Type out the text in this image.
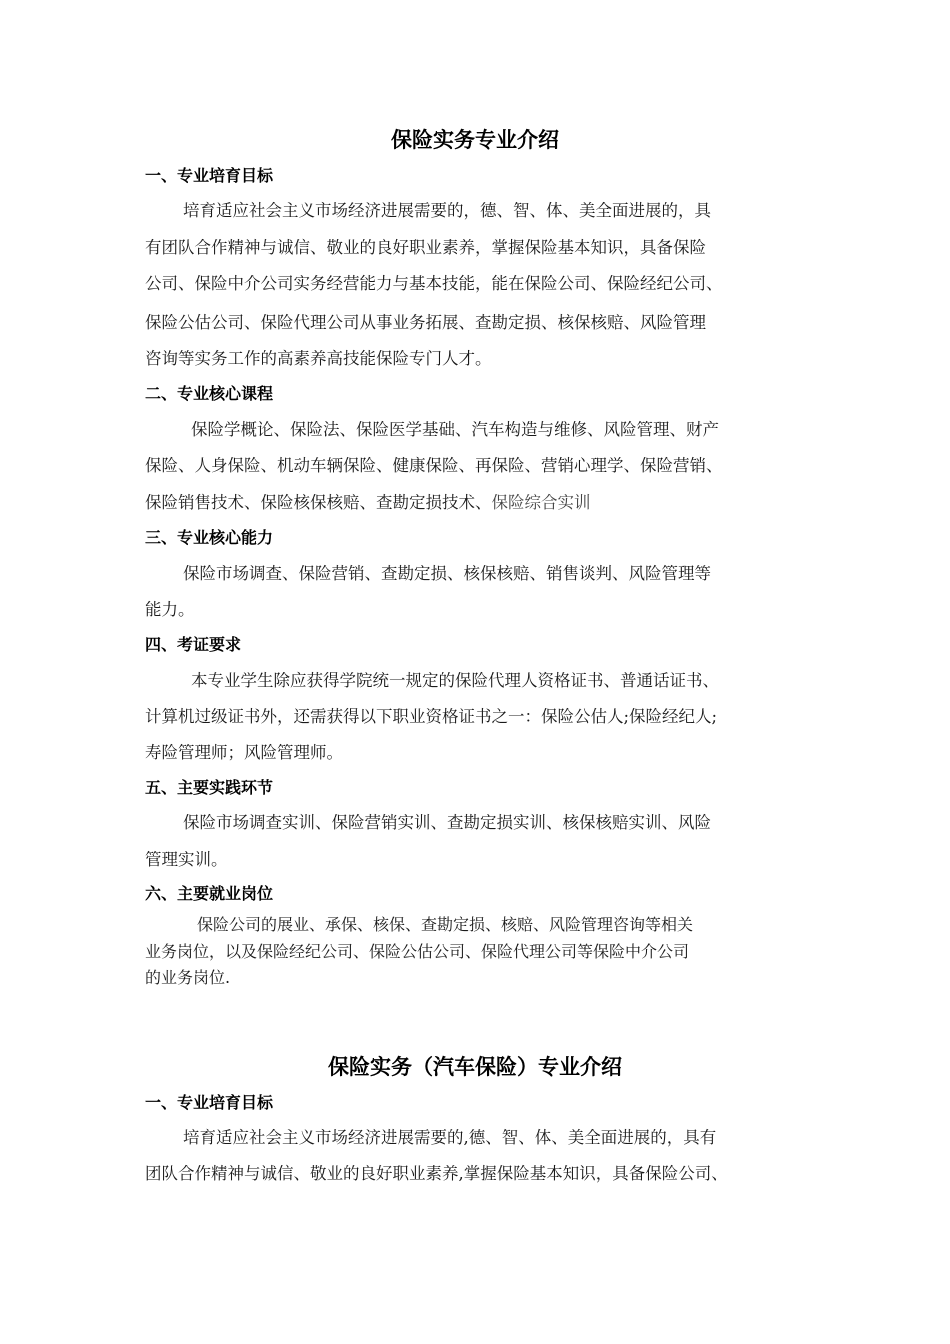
保险实务专业介绍
一、专业培育目标
培育适应社会主义市场经济进展需要的，德、智、体、美全面进展的，具
有团队合作精神与诚信、敬业的良好职业素养，掌握保险基本知识，具备保险
公司、保险中介公司实务经营能力与基本技能，能在保险公司、保险经纪公司、
保险公估公司、保险代理公司从事业务拓展、查勘定损、核保核赔、风险管理
咨询等实务工作的高素养高技能保险专门人才。
二、专业核心课程
保险学概论、保险法、保险医学基础、汽车构造与维修、风险管理、财产
保险、人身保险、机动车辆保险、健康保险、再保险、营销心理学、保险营销、
保险销售技术、保险核保核赔、查勘定损技术、保险综合实训
三、专业核心能力
保险市场调查、保险营销、查勘定损、核保核赔、销售谈判、风险管理等
能力。
四、考证要求
本专业学生除应获得学院统一规定的保险代理人资格证书、普通话证书、
计算机过级证书外，还需获得以下职业资格证书之一：保险公估人;保险经纪人;
寿险管理师；风险管理师。
五、主要实践环节
保险市场调查实训、保险营销实训、查勘定损实训、核保核赔实训、风险
管理实训。
六、主要就业岗位
保险公司的展业、承保、核保、查勘定损、核赔、风险管理咨询等相关
业务岗位，以及保险经纪公司、保险公估公司、保险代理公司等保险中介公司
的业务岗位.
保险实务（汽车保险）专业介绍
一、专业培育目标
培育适应社会主义市场经济进展需要的,德、智、体、美全面进展的，具有
团队合作精神与诚信、敬业的良好职业素养,掌握保险基本知识，具备保险公司、
